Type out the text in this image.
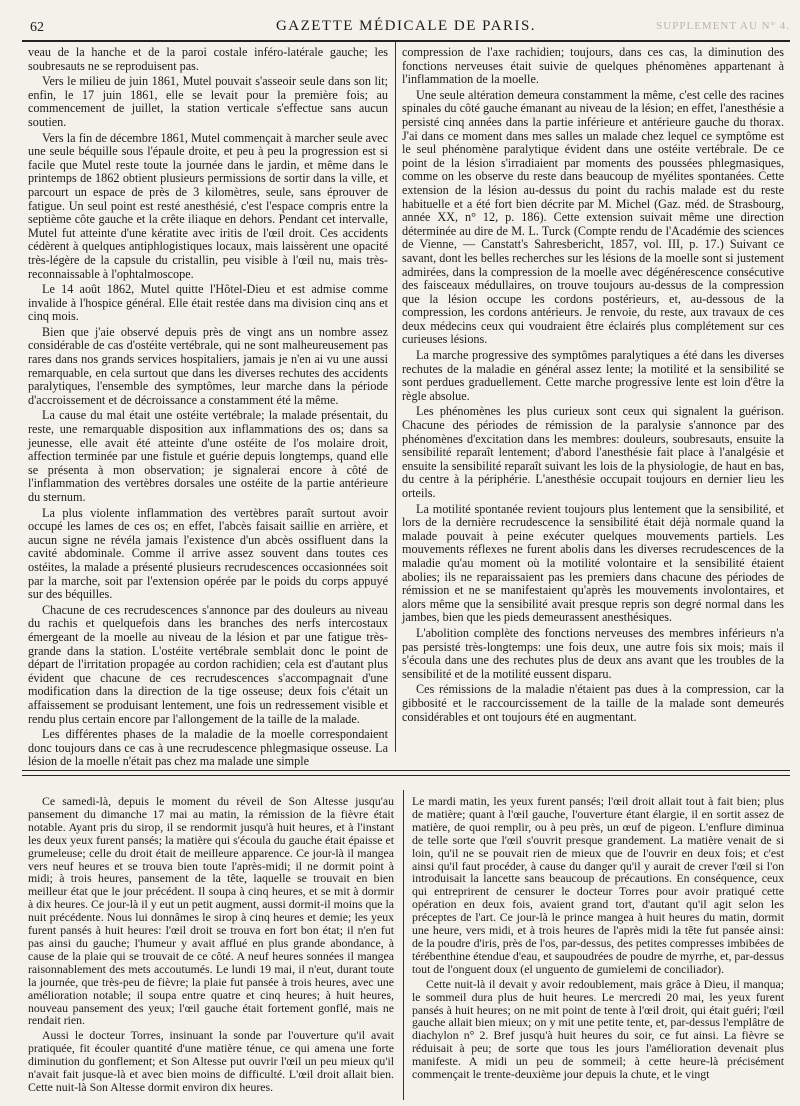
62	GAZETTE MÉDICALE DE PARIS.	SUPPLEMENT AU N° 4.

veau de la hanche et de la paroi costale inféro-latérale gauche; les soubresauts ne se reproduisent pas.

Vers le milieu de juin 1861, Mutel pouvait s'asseoir seule dans son lit; enfin, le 17 juin 1861, elle se levait pour la première fois; au commencement de juillet, la station verticale s'effectue sans aucun soutien.

Vers la fin de décembre 1861, Mutel commençait à marcher seule avec une seule béquille sous l'épaule droite, et peu à peu la progression est si facile que Mutel reste toute la journée dans le jardin, et même dans le printemps de 1862 obtient plusieurs permissions de sortir dans la ville, et parcourt un espace de près de 3 kilomètres, seule, sans éprouver de fatigue. Un seul point est resté anesthésié, c'est l'espace compris entre la septième côte gauche et la crête iliaque en dehors. Pendant cet intervalle, Mutel fut atteinte d'une kératite avec iritis de l'œil droit. Ces accidents cédèrent à quelques antiphlogistiques locaux, mais laissèrent une opacité très-légère de la capsule du cristallin, peu visible à l'œil nu, mais très-reconnaissable à l'ophtalmoscope.

Le 14 août 1862, Mutel quitte l'Hôtel-Dieu et est admise comme invalide à l'hospice général. Elle était restée dans ma division cinq ans et cinq mois.

Bien que j'aie observé depuis près de vingt ans un nombre assez considérable de cas d'ostéite vertébrale, qui ne sont malheureusement pas rares dans nos grands services hospitaliers, jamais je n'en ai vu une aussi remarquable, en cela surtout que dans les diverses rechutes des accidents paralytiques, l'ensemble des symptômes, leur marche dans la période d'accroissement et de décroissance a constamment été la même.

La cause du mal était une ostéite vertébrale; la malade présentait, du reste, une remarquable disposition aux inflammations des os; dans sa jeunesse, elle avait été atteinte d'une ostéite de l'os molaire droit, affection terminée par une fistule et guérie depuis longtemps, quand elle se présenta à mon observation; je signalerai encore à côté de l'inflammation des vertèbres dorsales une ostéite de la partie antérieure du sternum.

La plus violente inflammation des vertèbres paraît surtout avoir occupé les lames de ces os; en effet, l'abcès faisait saillie en arrière, et aucun signe ne révéla jamais l'existence d'un abcès ossifluent dans la cavité abdominale. Comme il arrive assez souvent dans toutes ces ostéites, la malade a présenté plusieurs recrudescences occasionnées soit par la marche, soit par l'extension opérée par le poids du corps appuyé sur des béquilles.

Chacune de ces recrudescences s'annonce par des douleurs au niveau du rachis et quelquefois dans les branches des nerfs intercostaux émergeant de la moelle au niveau de la lésion et par une fatigue très-grande dans la station. L'ostéite vertébrale semblait donc le point de départ de l'irritation propagée au cordon rachidien; cela est d'autant plus évident que chacune de ces recrudescences s'accompagnait d'une modification dans la direction de la tige osseuse; deux fois c'était un affaissement se produisant lentement, une fois un redressement visible et rendu plus certain encore par l'allongement de la taille de la malade.

Les différentes phases de la maladie de la moelle correspondaient donc toujours dans ce cas à une recrudescence phlegmasique osseuse. La lésion de la moelle n'était pas chez ma malade une simple

compression de l'axe rachidien; toujours, dans ces cas, la diminution des fonctions nerveuses était suivie de quelques phénomènes appartenant à l'inflammation de la moelle.

Une seule altération demeura constamment la même, c'est celle des racines spinales du côté gauche émanant au niveau de la lésion; en effet, l'anesthésie a persisté cinq années dans la partie inférieure et antérieure gauche du thorax. J'ai dans ce moment dans mes salles un malade chez lequel ce symptôme est le seul phénomène paralytique évident dans une ostéite vertébrale. De ce point de la lésion s'irradiaient par moments des poussées phlegmasiques, comme on les observe du reste dans beaucoup de myélites spontanées. Cette extension de la lésion au-dessus du point du rachis malade est du reste habituelle et a été fort bien décrite par M. Michel (Gaz. méd. de Strasbourg, année XX, n° 12, p. 186). Cette extension suivait même une direction déterminée au dire de M. L. Turck (Compte rendu de l'Académie des sciences de Vienne, — Canstatt's Sahresbericht, 1857, vol. III, p. 17.) Suivant ce savant, dont les belles recherches sur les lésions de la moelle sont si justement admirées, dans la compression de la moelle avec dégénérescence consécutive des faisceaux médullaires, on trouve toujours au-dessus de la compression que la lésion occupe les cordons postérieurs, et, au-dessous de la compression, les cordons antérieurs. Je renvoie, du reste, aux travaux de ces deux médecins ceux qui voudraient être éclairés plus complétement sur ces curieuses lésions.

La marche progressive des symptômes paralytiques a été dans les diverses rechutes de la maladie en général assez lente; la motilité et la sensibilité se sont perdues graduellement. Cette marche progressive lente est loin d'être la règle absolue.

Les phénomènes les plus curieux sont ceux qui signalent la guérison. Chacune des périodes de rémission de la paralysie s'annonce par des phénomènes d'excitation dans les membres: douleurs, soubresauts, ensuite la sensibilité reparaît lentement; d'abord l'anesthésie fait place à l'analgésie et ensuite la sensibilité reparaît suivant les lois de la physiologie, de haut en bas, du centre à la périphérie. L'anesthésie occupait toujours en dernier lieu les orteils.

La motilité spontanée revient toujours plus lentement que la sensibilité, et lors de la dernière recrudescence la sensibilité était déjà normale quand la malade pouvait à peine exécuter quelques mouvements partiels. Les mouvements réflexes ne furent abolis dans les diverses recrudescences de la maladie qu'au moment où la motilité volontaire et la sensibilité étaient abolies; ils ne reparaissaient pas les premiers dans chacune des périodes de rémission et ne se manifestaient qu'après les mouvements involontaires, et alors même que la sensibilité avait presque repris son degré normal dans les jambes, bien que les pieds demeurassent anesthésiques.

L'abolition complète des fonctions nerveuses des membres inférieurs n'a pas persisté très-longtemps: une fois deux, une autre fois six mois; mais il s'écoula dans une des rechutes plus de deux ans avant que les troubles de la sensibilité et de la motilité eussent disparu.

Ces rémissions de la maladie n'étaient pas dues à la compression, car la gibbosité et le raccourcissement de la taille de la malade sont demeurés considérables et ont toujours été en augmentant.

Ce samedi-là, depuis le moment du réveil de Son Altesse jusqu'au pansement du dimanche 17 mai au matin, la rémission de la fièvre était notable. Ayant pris du sirop, il se rendormit jusqu'à huit heures, et à l'instant les deux yeux furent pansés; la matière qui s'écoula du gauche était épaisse et grumeleuse; celle du droit était de meilleure apparence. Ce jour-là il mangea vers neuf heures et se trouva bien toute l'après-midi; il ne dormit point à midi; à trois heures, pansement de la tête, laquelle se trouvait en bien meilleur état que le jour précédent. Il soupa à cinq heures, et se mit à dormir à dix heures. Ce jour-là il y eut un petit augment, aussi dormit-il moins que la nuit précédente. Nous lui donnâmes le sirop à cinq heures et demie; les yeux furent pansés à huit heures: l'œil droit se trouva en fort bon état; il n'en fut pas ainsi du gauche; l'humeur y avait afflué en plus grande abondance, à cause de la plaie qui se trouvait de ce côté. A neuf heures sonnées il mangea raisonnablement des mets accoutumés. Le lundi 19 mai, il n'eut, durant toute la journée, que très-peu de fièvre; la plaie fut pansée à trois heures, avec une amélioration notable; il soupa entre quatre et cinq heures; à huit heures, nouveau pansement des yeux; l'œil gauche était fortement gonflé, mais ne rendait rien.

Aussi le docteur Torres, insinuant la sonde par l'ouverture qu'il avait pratiquée, fit écouler quantité d'une matière ténue, ce qui amena une forte diminution du gonflement; et Son Altesse put ouvrir l'œil un peu mieux qu'il n'avait fait jusque-là et avec bien moins de difficulté. L'œil droit allait bien. Cette nuit-là Son Altesse dormit environ dix heures.

Le mardi matin, les yeux furent pansés; l'œil droit allait tout à fait bien; plus de matière; quant à l'œil gauche, l'ouverture étant élargie, il en sortit assez de matière, de quoi remplir, ou à peu près, un œuf de pigeon. L'enflure diminua de telle sorte que l'œil s'ouvrit presque grandement. La matière venait de si loin, qu'il ne se pouvait rien de mieux que de l'ouvrir en deux fois; et c'est ainsi qu'il faut procéder, à cause du danger qu'il y aurait de crever l'œil si l'on introduisait la lancette sans beaucoup de précautions. En conséquence, ceux qui entreprirent de censurer le docteur Torres pour avoir pratiqué cette opération en deux fois, avaient grand tort, d'autant qu'il agit selon les préceptes de l'art. Ce jour-là le prince mangea à huit heures du matin, dormit une heure, vers midi, et à trois heures de l'après midi la tête fut pansée ainsi: de la poudre d'iris, près de l'os, par-dessus, des petites compresses imbibées de térébenthine étendue d'eau, et saupoudrées de poudre de myrrhe, et, par-dessus tout de l'onguent doux (el unguento de gumielemi de conciliador).

Cette nuit-là il devait y avoir redoublement, mais grâce à Dieu, il manqua; le sommeil dura plus de huit heures. Le mercredi 20 mai, les yeux furent pansés à huit heures; on ne mit point de tente à l'œil droit, qui était guéri; l'œil gauche allait bien mieux; on y mit une petite tente, et, par-dessus l'emplâtre de diachylon n° 2. Bref jusqu'à huit heures du soir, ce fut ainsi. La fièvre se réduisait à peu; de sorte que tous les jours l'amélioration devenait plus manifeste. A midi un peu de sommeil; à cette heure-là précisément commençait le trente-deuxième jour depuis la chute, et le vingt
